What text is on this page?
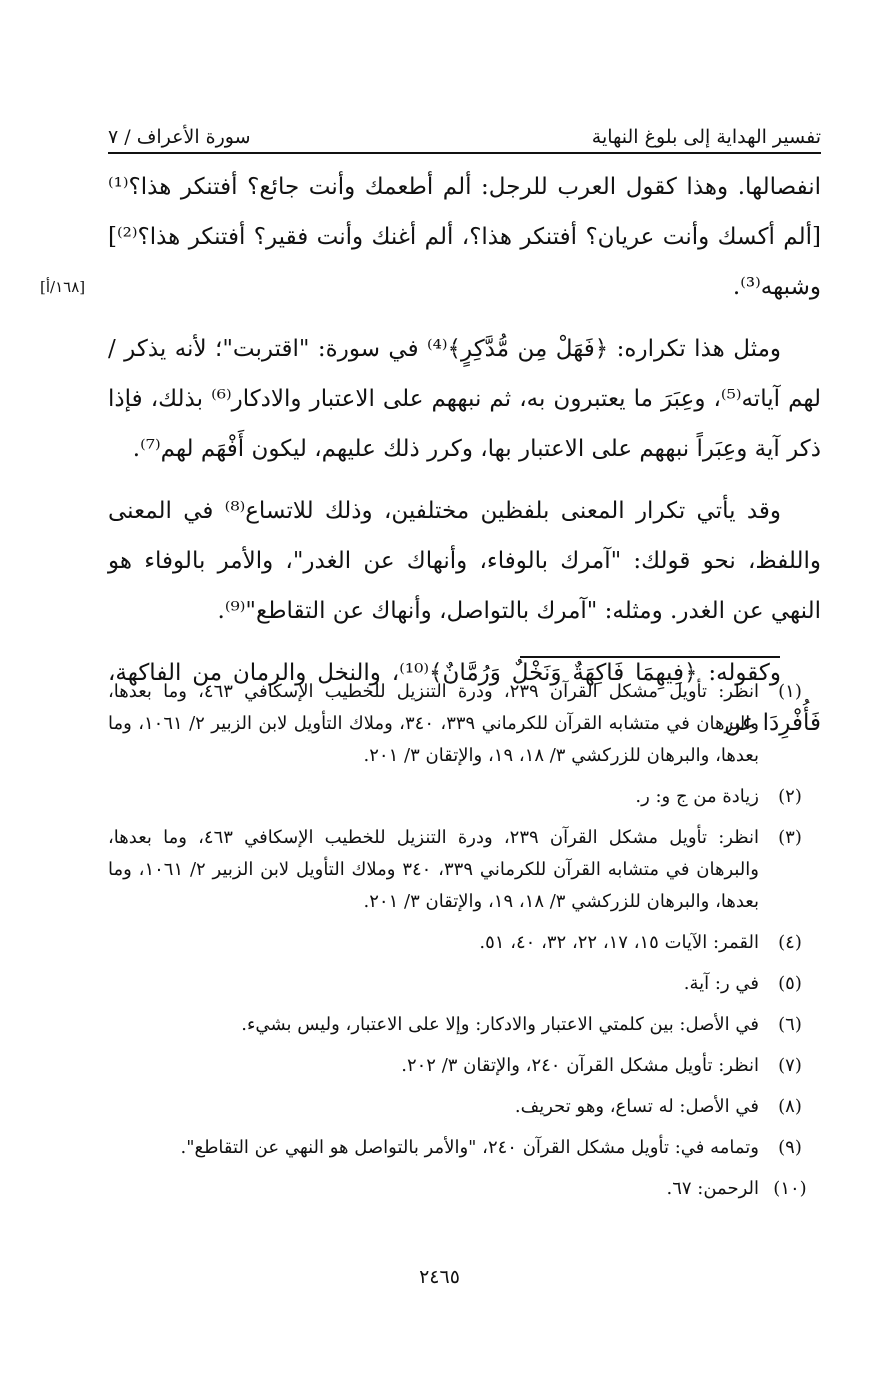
تفسير الهداية إلى بلوغ النهاية
سورة الأعراف / ٧
[١٦٨/أ]

انفصالها. وهذا كقول العرب للرجل: ألم أطعمك وأنت جائع؟ أفتنكر هذا؟⁽¹⁾ [ألم أكسك وأنت عريان؟ أفتنكر هذا؟، ألم أغنك وأنت فقير؟ أفتنكر هذا؟⁽²⁾] وشبهه⁽³⁾.

ومثل هذا تكراره: ﴿فَهَلْ مِن مُّدَّكِرٍ﴾⁽⁴⁾ في سورة: "اقتربت"؛ لأنه يذكر / لهم آياته⁽⁵⁾، وعِبَرَ ما يعتبرون به، ثم نبههم على الاعتبار والادكار⁽⁶⁾ بذلك، فإذا ذكر آية وعِبَراً نبههم على الاعتبار بها، وكرر ذلك عليهم، ليكون أَفْهَم لهم⁽⁷⁾.

وقد يأتي تكرار المعنى بلفظين مختلفين، وذلك للاتساع⁽⁸⁾ في المعنى واللفظ، نحو قولك: "آمرك بالوفاء، وأنهاك عن الغدر"، والأمر بالوفاء هو النهي عن الغدر. ومثله: "آمرك بالتواصل، وأنهاك عن التقاطع"⁽⁹⁾.

وكقوله: ﴿فِيهِمَا فَاكِهَةٌ وَنَخْلٌ وَرُمَّانٌ﴾⁽¹⁰⁾، والنخل والرمان من الفاكهة، فَأُفْرِدَا عن

(١)
انظر: تأويل مشكل القرآن ٢٣٩، ودرة التنزيل للخطيب الإسكافي ٤٦٣، وما بعدها، والبرهان في متشابه القرآن للكرماني ٣٣٩، ٣٤٠، وملاك التأويل لابن الزبير ٢/ ١٠٦١، وما بعدها، والبرهان للزركشي ٣/ ١٨، ١٩، والإتقان ٣/ ٢٠١.
(٢)
زيادة من ج و: ر.
(٣)
انظر: تأويل مشكل القرآن ٢٣٩، ودرة التنزيل للخطيب الإسكافي ٤٦٣، وما بعدها، والبرهان في متشابه القرآن للكرماني ٣٣٩، ٣٤٠ وملاك التأويل لابن الزبير ٢/ ١٠٦١، وما بعدها، والبرهان للزركشي ٣/ ١٨، ١٩، والإتقان ٣/ ٢٠١.
(٤)
القمر: الآيات ١٥، ١٧، ٢٢، ٣٢، ٤٠، ٥١.
(٥)
في ر: آية.
(٦)
في الأصل: بين كلمتي الاعتبار والادكار: وإلا على الاعتبار، وليس بشيء.
(٧)
انظر: تأويل مشكل القرآن ٢٤٠، والإتقان ٣/ ٢٠٢.
(٨)
في الأصل: له تساع، وهو تحريف.
(٩)
وتمامه في: تأويل مشكل القرآن ٢٤٠، "والأمر بالتواصل هو النهي عن التقاطع".
(١٠)
الرحمن: ٦٧.
٢٤٦٥
